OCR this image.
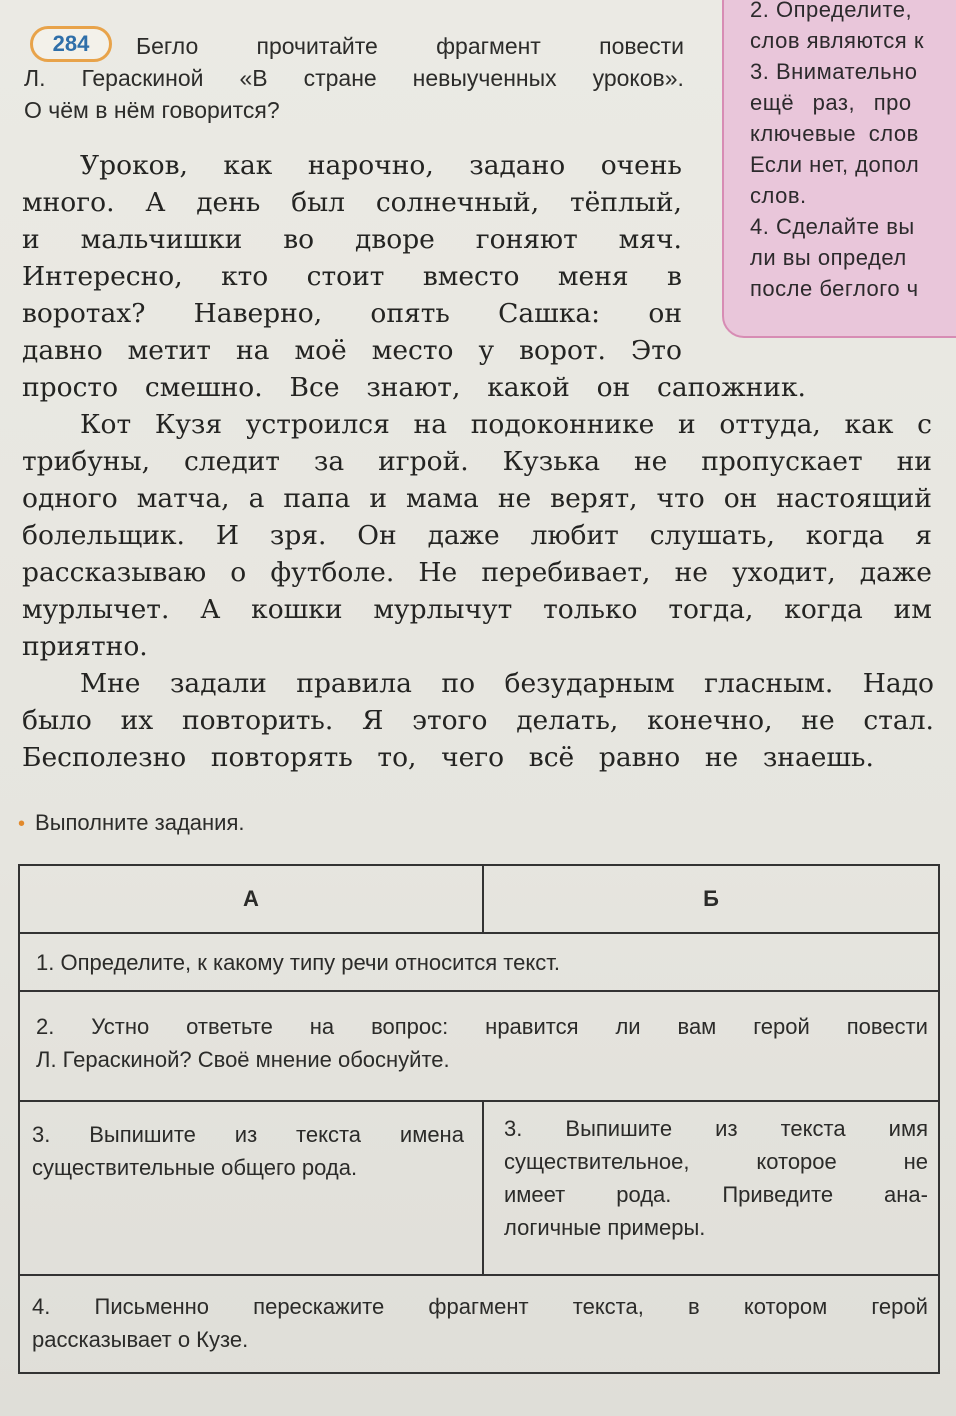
2. Определите,
слов являются к
3. Внимательно
ещё раз, про
ключевые слов
Если нет, допол
слов.
4. Сделайте вы
ли вы определ
после беглого ч
Бегло	прочитайте	фрагмент	повести
Л. Гераскиной «В стране невыученных уроков».
О чём в нём говорится?
284
Уроков, как нарочно, задано очень
много. А день был солнечный, тёплый,
и мальчишки во дворе гоняют мяч.
Интересно, кто стоит вместо меня в
воротах? Наверно, опять Сашка: он
давно метит на моё место у ворот. Это
просто смешно. Все знают, какой он сапожник.
Кот Кузя устроился на подоконнике и оттуда, как с
трибуны, следит за игрой. Кузька не пропускает ни
одного матча, а папа и мама не верят, что он настоящий
болельщик. И зря. Он даже любит слушать, когда я
рассказываю о футболе. Не перебивает, не уходит, даже
мурлычет. А кошки мурлычут только тогда, когда им
приятно.
Мне задали правила по безударным гласным. Надо
было их повторить. Я этого делать, конечно, не стал.
Бесполезно повторять то, чего всё равно не знаешь.
• Выполните задания.
А	Б
1. Определите, к какому типу речи относится текст.
2. Устно ответьте на вопрос: нравится ли вам герой повести
Л. Гераскиной? Своё мнение обоснуйте.
3. Выпишите из текста имена
существительные общего рода.
3. Выпишите из текста имя
существительное,	которое	не
имеет рода. Приведите ана-
логичные примеры.
4. Письменно перескажите фрагмент текста, в котором герой
рассказывает о Кузе.
